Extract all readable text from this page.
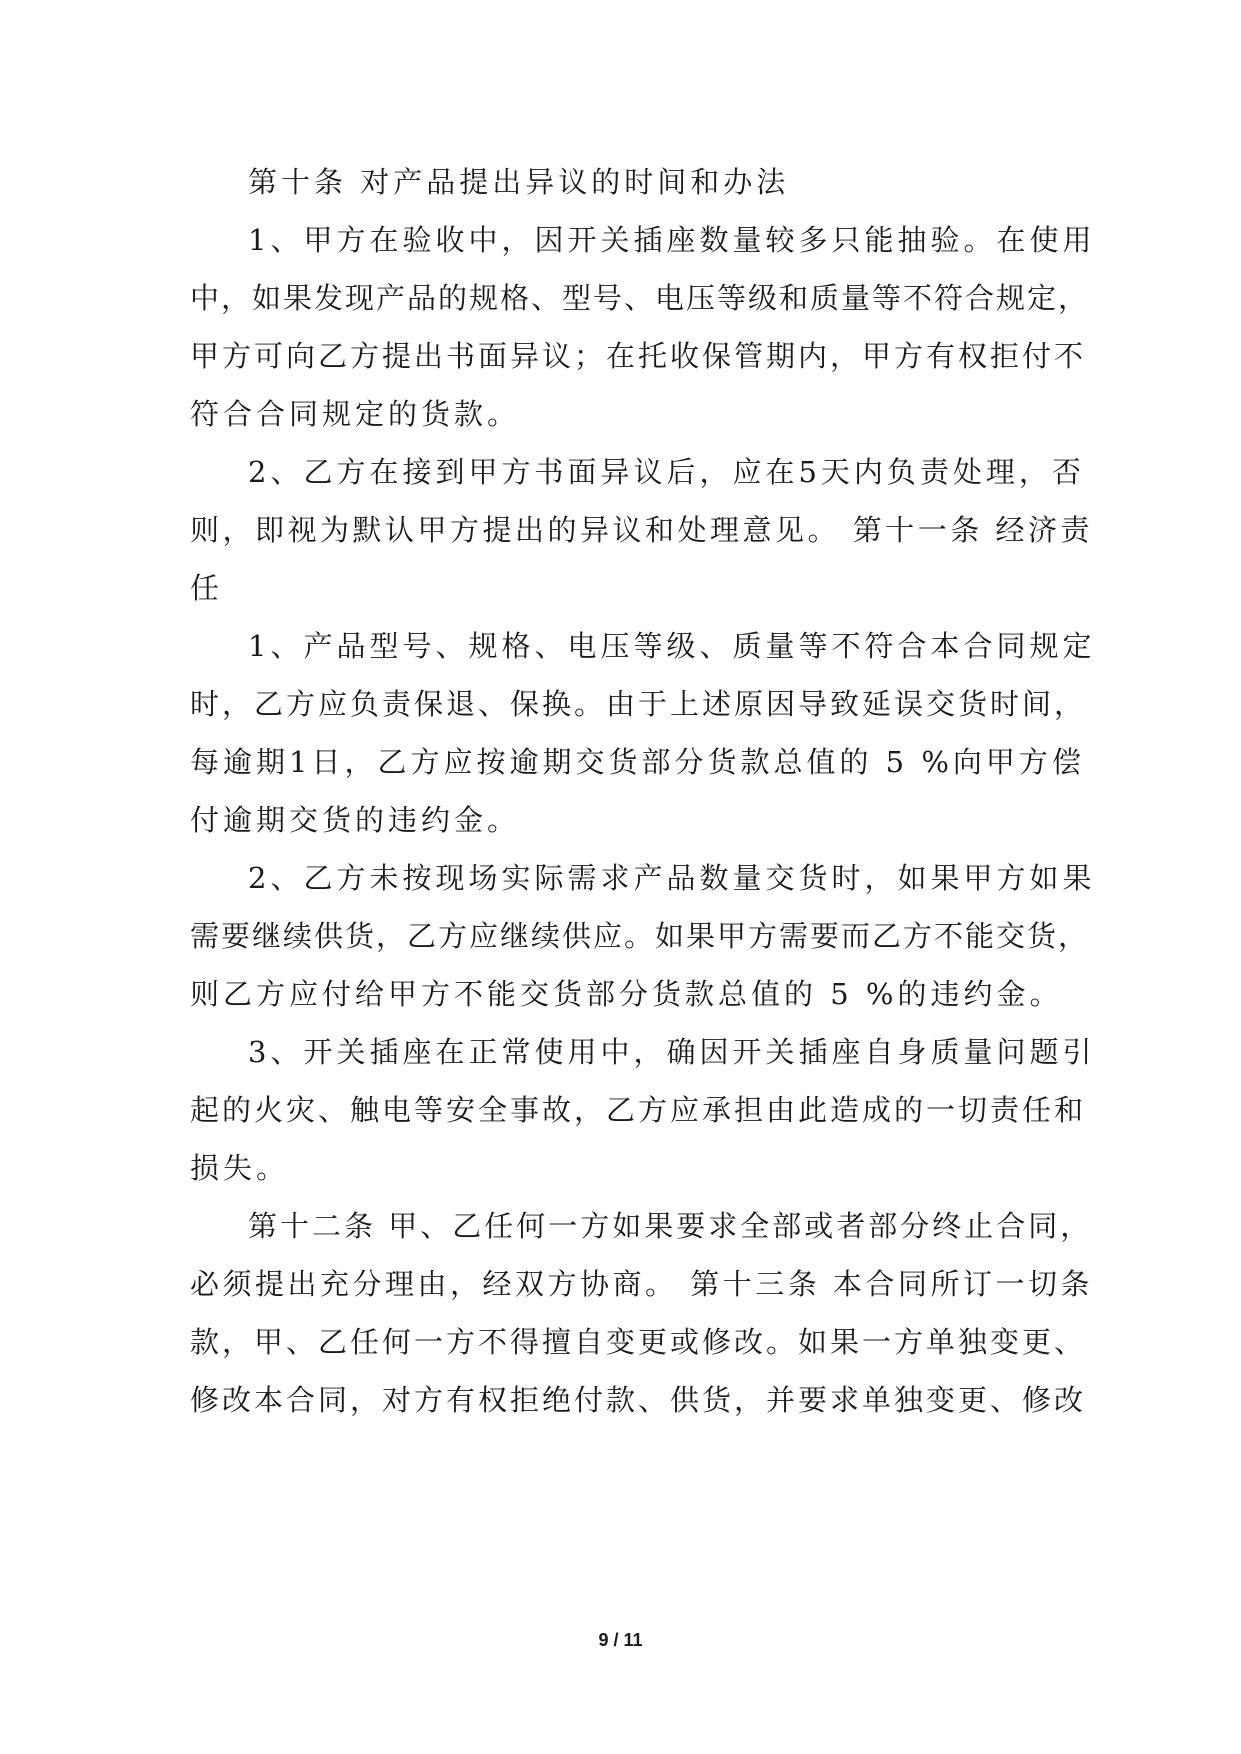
第十条 对产品提出异议的时间和办法
1、甲方在验收中，因开关插座数量较多只能抽验。在使用
中，如果发现产品的规格、型号、电压等级和质量等不符合规定，
甲方可向乙方提出书面异议；在托收保管期内，甲方有权拒付不
符合合同规定的货款。
2、乙方在接到甲方书面异议后，应在5天内负责处理，否
则，即视为默认甲方提出的异议和处理意见。 第十一条 经济责
任
1、产品型号、规格、电压等级、质量等不符合本合同规定
时，乙方应负责保退、保换。由于上述原因导致延误交货时间，
每逾期1日，乙方应按逾期交货部分货款总值的 5 %向甲方偿
付逾期交货的违约金。
2、乙方未按现场实际需求产品数量交货时，如果甲方如果
需要继续供货，乙方应继续供应。如果甲方需要而乙方不能交货，
则乙方应付给甲方不能交货部分货款总值的 5 %的违约金。
3、开关插座在正常使用中，确因开关插座自身质量问题引
起的火灾、触电等安全事故，乙方应承担由此造成的一切责任和
损失。
第十二条 甲、乙任何一方如果要求全部或者部分终止合同，
必须提出充分理由，经双方协商。 第十三条 本合同所订一切条
款，甲、乙任何一方不得擅自变更或修改。如果一方单独变更、
修改本合同，对方有权拒绝付款、供货，并要求单独变更、修改
9 / 11
